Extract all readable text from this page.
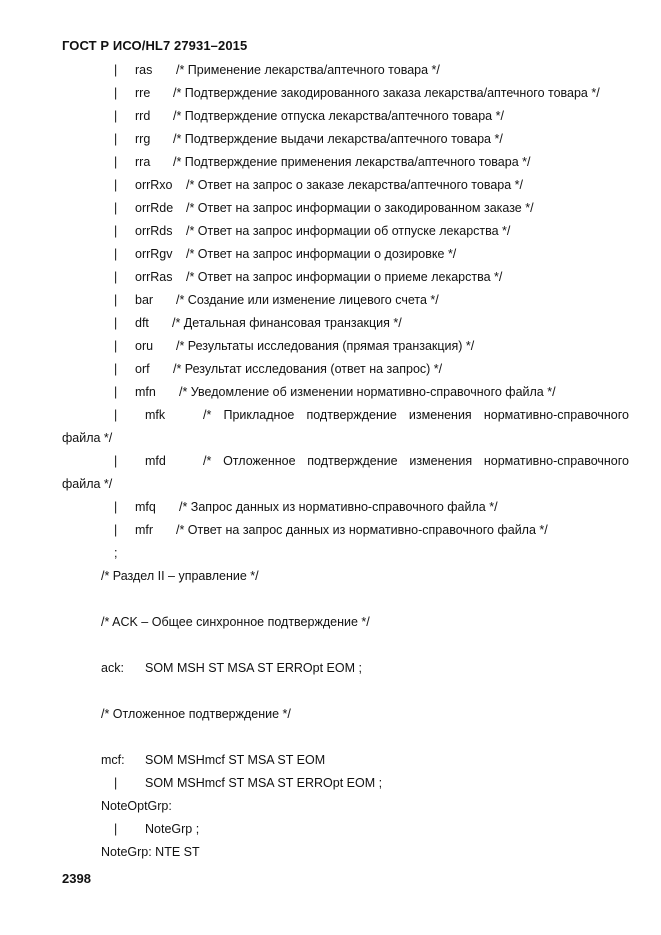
ГОСТ Р ИСО/HL7 27931–2015
| ras /* Применение лекарства/аптечного товара */
| rre /* Подтверждение закодированного заказа лекарства/аптечного товара */
| rrd /* Подтверждение отпуска лекарства/аптечного товара */
| rrg /* Подтверждение выдачи лекарства/аптечного товара */
| rra /* Подтверждение применения лекарства/аптечного товара */
| orrRxo /* Ответ на запрос о заказе лекарства/аптечного товара */
| orrRde /* Ответ на запрос информации о закодированном заказе */
| orrRds /* Ответ на запрос информации об отпуске лекарства */
| orrRgv /* Ответ на запрос информации о дозировке */
| orrRas /* Ответ на запрос информации о приеме лекарства */
| bar /* Создание или изменение лицевого счета */
| dft /* Детальная финансовая транзакция */
| oru /* Результаты исследования (прямая транзакция) */
| orf /* Результат исследования (ответ на запрос) */
| mfn /* Уведомление об изменении нормативно-справочного файла */
| mfk	/* Прикладное подтверждение изменения нормативно-справочного
файла */
| mfd	/* Отложенное подтверждение изменения нормативно-справочного
файла */
| mfq /* Запрос данных из нормативно-справочного файла */
| mfr /* Ответ на запрос данных из нормативно-справочного файла */
;
/* Раздел II – управление */
/* ACK – Общее синхронное подтверждение */
ack: SOM MSH ST MSA ST ERROpt EOM ;
/* Отложенное подтверждение */
mcf: SOM MSHmcf ST MSA ST EOM
| SOM MSHmcf ST MSA ST ERROpt EOM ;
NoteOptGrp:
| NoteGrp ;
NoteGrp: NTE ST
2398
